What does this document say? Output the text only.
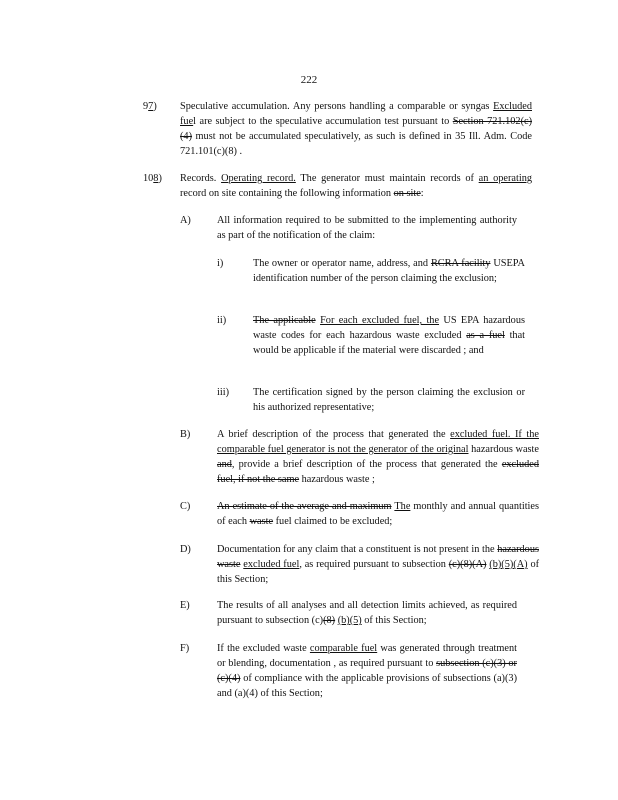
222
97) Speculative accumulation. Any persons handling a comparable or syngas Excluded fuel are subject to the speculative accumulation test pursuant to Section 721.102(c)(4) must not be accumulated speculatively, as such is defined in 35 Ill. Adm. Code 721.101(c)(8) .
108) Records. Operating record. The generator must maintain records of an operating record on site containing the following information on site:
A)	All information required to be submitted to the implementing authority as part of the notification of the claim:
i)	The owner or operator name, address, and RCRA facility USEPA identification number of the person claiming the exclusion;
ii)	The applicable For each excluded fuel, the US EPA hazardous waste codes for each hazardous waste excluded as a fuel that would be applicable if the material were discarded ; and
iii) The certification signed by the person claiming the exclusion or his authorized representative;
B)	A brief description of the process that generated the excluded fuel. If the comparable fuel generator is not the generator of the original hazardous waste and, provide a brief description of the process that generated the excluded fuel, if not the same hazardous waste ;
C)	An estimate of the average and maximum The monthly and annual quantities of each waste fuel claimed to be excluded;
D)	Documentation for any claim that a constituent is not present in the hazardous waste excluded fuel, as required pursuant to subsection (c)(8)(A) (b)(5)(A) of this Section;
E)	The results of all analyses and all detection limits achieved, as required pursuant to subsection (c)(8) (b)(5) of this Section;
F)	If the excluded waste comparable fuel was generated through treatment or blending, documentation , as required pursuant to subsection (c)(3) or (c)(4) of compliance with the applicable provisions of subsections (a)(3) and (a)(4) of this Section;
